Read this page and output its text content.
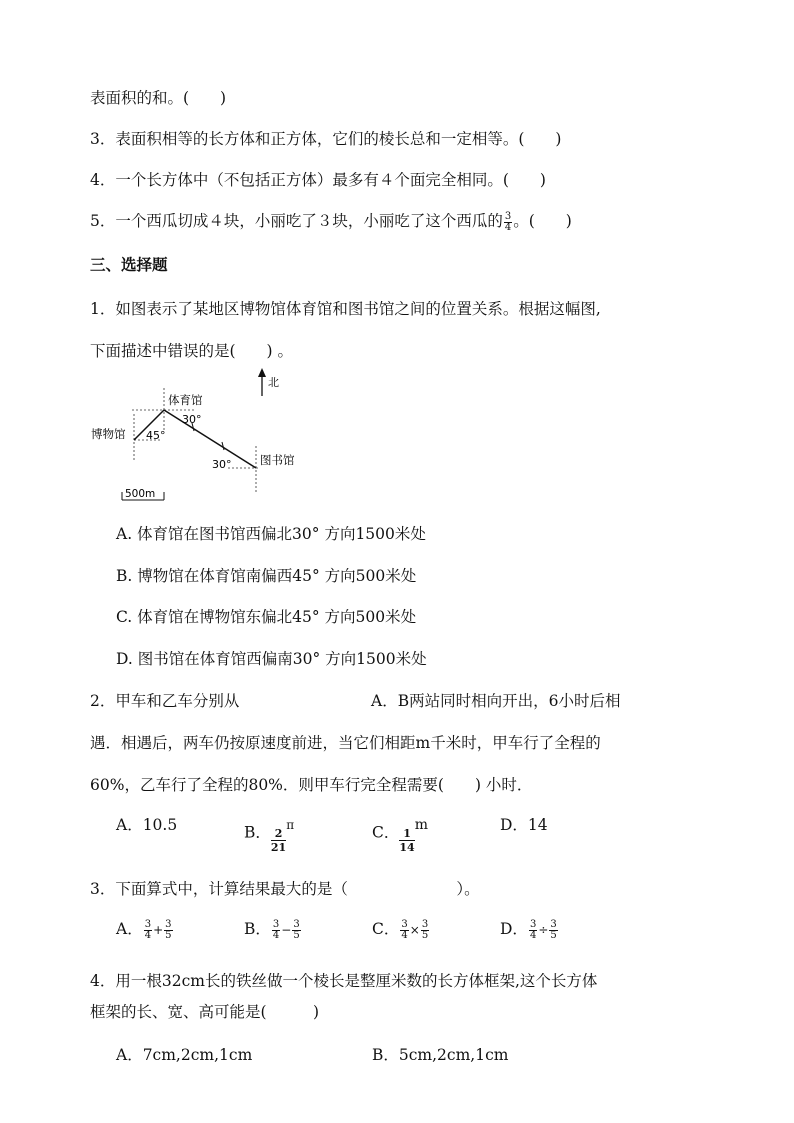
表面积的和。(　　)
3．表面积相等的长方体和正方体，它们的棱长总和一定相等。(　　)
4．一个长方体中（不包括正方体）最多有４个面完全相同。(　　)
5．一个西瓜切成４块，小丽吃了３块，小丽吃了这个西瓜的 $\frac{3}{4}$ 。(　　)
三、选择题
1．如图表示了某地区博物馆体育馆和图书馆之间的位置关系。根据这幅图,
下面描述中错误的是(　　) 。
北
体育馆
博物馆
图书馆
30°
45°
30°
500m
A. 体育馆在图书馆西偏北30° 方向1500米处
B. 博物馆在体育馆南偏西45° 方向500米处
C. 体育馆在博物馆东偏北45° 方向500米处
D. 图书馆在体育馆西偏南30° 方向1500米处
2．甲车和乙车分别从	A．B两站同时相向开出，6小时后相
遇．相遇后，两车仍按原速度前进，当它们相距m千米时，甲车行了全程的
60%，乙车行了全程的80%．则甲车行完全程需要(　　) 小时．
A．10.5	B． $\frac{2}{21}$
$^\pi$	C． $\frac{1}{14}$
m	D．14
3．下面算式中，计算结果最大的是（　　　　　　　）。
A． $\frac{3}{4} + \frac{3}{5}$	B． $\frac{3}{4} - \frac{3}{5}$	C． $\frac{3}{4} \times \frac{3}{5}$	D． $\frac{3}{4} \div \frac{3}{5}$
4．用一根32cm长的铁丝做一个棱长是整厘米数的长方体框架,这个长方体
框架的长、宽、高可能是(　　　)
A．7cm,2cm,1cm	B．5cm,2cm,1cm
